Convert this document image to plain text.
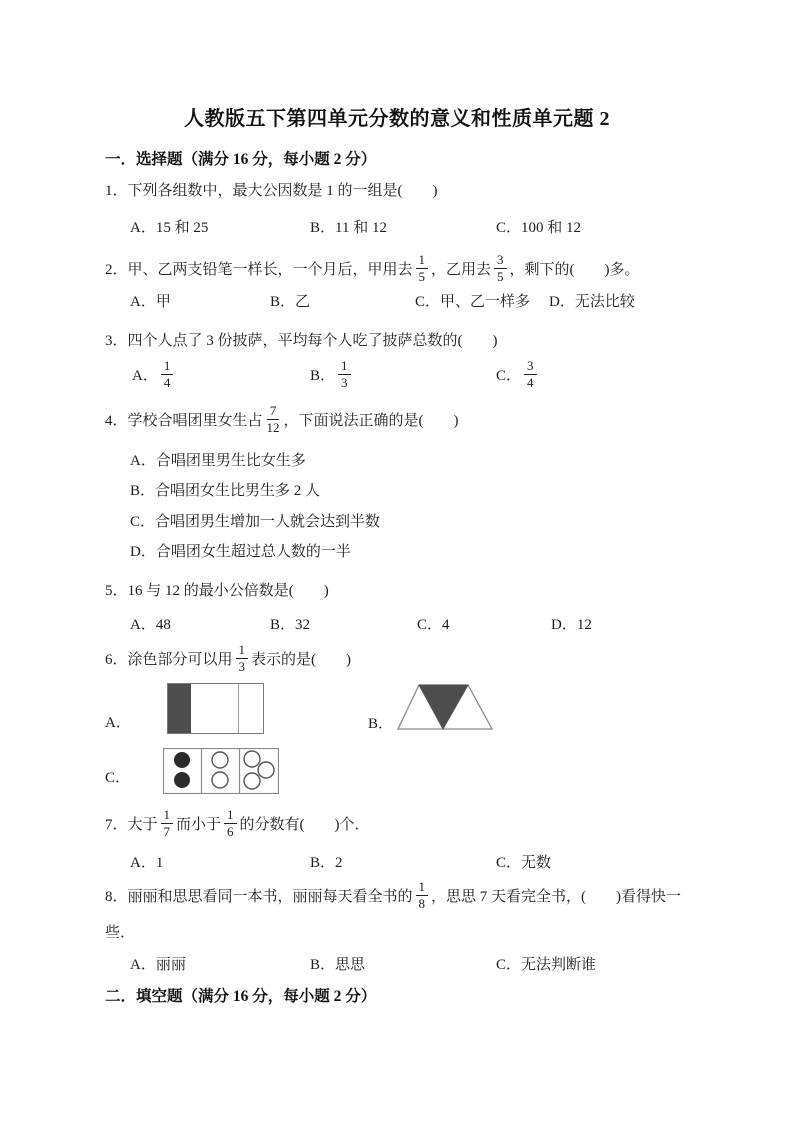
人教版五下第四单元分数的意义和性质单元题 2
一．选择题（满分 16 分，每小题 2 分）
1．下列各组数中，最大公因数是 1 的一组是(　　)
A．15 和 25	B．11 和 12	C．100 和 12
2．甲、乙两支铅笔一样长，一个月后，甲用去 $\frac{1}{5}$ ，乙用去 $\frac{3}{5}$ ，剩下的(　　)多。
A．甲	B．乙	C．甲、乙一样多 D．无法比较
3．四个人点了 3 份披萨，平均每个人吃了披萨总数的(　　)
A． $\frac{1}{4}$	B． $\frac{1}{3}$	C． $\frac{3}{4}$
4．学校合唱团里女生占 $\frac{7}{12}$ ，下面说法正确的是(　　)
A．合唱团里男生比女生多
B．合唱团女生比男生多 2 人
C．合唱团男生增加一人就会达到半数
D．合唱团女生超过总人数的一半
5．16 与 12 的最小公倍数是(　　)
A．48	B．32	C．4	D．12
6．涂色部分可以用 $\frac{1}{3}$ 表示的是(　　)
A．	B．
C．
7．大于 $\frac{1}{7}$ 而小于 $\frac{1}{6}$ 的分数有(　　)个．
A．1	B．2	C．无数
8．丽丽和思思看同一本书，丽丽每天看全书的 $\frac{1}{8}$ ，思思 7 天看完全书，(　　)看得快一
些．
A．丽丽	B．思思	C．无法判断谁
二．填空题（满分 16 分，每小题 2 分）
